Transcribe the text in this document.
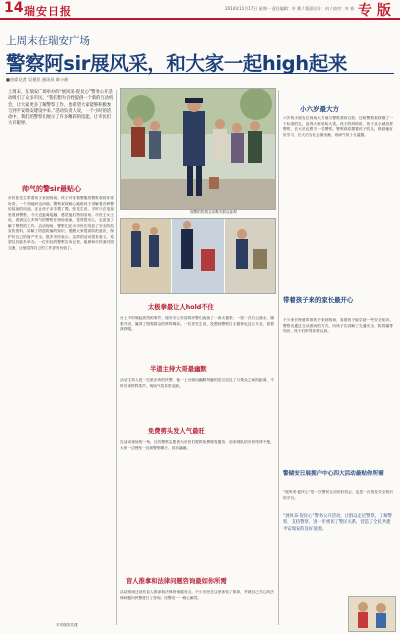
14 瑞安日报	2014年11月17日 星期一 责任编辑：叶 赛 / 版面设计：何 / 校对：叶 春 专 版
上周末在瑞安广场
警察阿sir展风采，和大家一起high起来
■首席记者 吴建民 通讯员 陈小曲
上周末，在瑞安广场举办的“展风采·促民心”警务公开活动吸引了众多市民。“我们想为百姓提供一个新的互动机会，让大家更多了解警察工作，也希望大家能够积极参与到平安瑞安建设中来。”活动负责人说，一个小时的活动中，我们的警察们展示了许多精彩的技能，让市民们大开眼界。
帅气的警sir最贴心
市民张先生带着孩子来到现场，孩子对穿着警服的警察叔叔非常好奇，一个劲地问这问那。警察叔叔耐心地给孩子讲解着各种警用装备的用途，还让孩子亲手摸了摸。张先生说，平时只在电视里看到警察，今天近距离接触，感觉他们特别亲切。市民王女士说，看到这么多帅气的警察在现场表演，觉得很安心，也更加了解了警察的工作。活动现场，警察们还为市民们发放了安全防范宣传资料，讲解了防盗防骗的知识，提醒大家提高防范意识，保护好自己的财产安全。很多市民表示，这样的活动很有意义，希望以后能多举办。一位年轻的警察告诉记者，能够和市民面对面交流，让他觉得自己的工作更有价值了。
平安瑞安共建
瑞警的热情互动吸引群众参观
太极拳最让人hold不住
台上不时响起热烈的掌声，瑞安市公安局的民警们表演了一套太极拳，一招一式行云流水，刚柔并济，赢得了围观群众的阵阵喝彩。一位老先生说，没想到警察打太极拳也这么专业，看着真舒服。
半道主持大哥最幽默
活动主持人是一位派出所的民警，他一上台就用幽默风趣的语言拉近了与观众之间的距离，不时引来阵阵笑声，现场气氛非常活跃。
免费剪头发人气最旺
在活动现场的一角，还有警察志愿者为市民们提供免费理发服务，前来排队的市民络绎不绝，大家一边理发一边和警察聊天，其乐融融。
盲人推拿和法律问题咨询最如你所需
活动现场还设有盲人推拿和法律咨询服务点，不少市民在这里体验了推拿，并就自己关心的法律问题向民警进行了咨询，民警们一一耐心解答。
小六岁最大方
六岁的小朋友在现场大方地与警察叔叔合影，还给警察叔叔敬了一个标准的礼，逗得大家哈哈大笑。孩子的妈妈说，孩子从小就崇拜警察，长大后也想当一名警察。警察叔叔摸着孩子的头，鼓励他好好学习，长大后为社会做贡献，现场气氛十分温馨。
带着孩子来的家长最开心
不少家长特意带着孩子来到现场，希望孩子能学到一些安全知识。警察们通过互动游戏的方式，向孩子们讲解了交通安全、防拐骗等知识，孩子们听得非常认真。
警储安日展拥户中心四大活动最贴你所需
“展风采·促民心”是一次警民互动的好机会，也是一次普及安全知识的平台。
“展风采·促民心”警务公开活动，让群众走近警察，了解警察，支持警察，进一步密切了警民关系，营造了全民共建平安瑞安的良好氛围。
